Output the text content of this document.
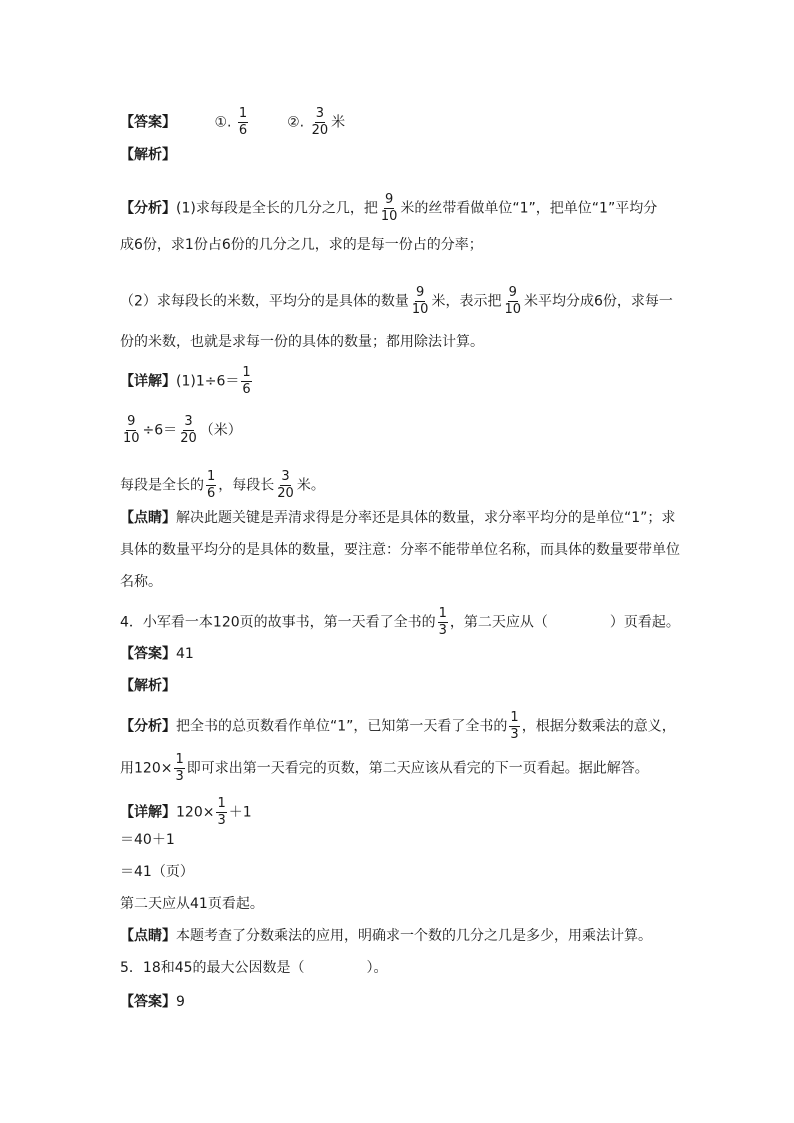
【答案】	①. $\frac{1}{6}$	②. $\frac{3}{20}$ 米
【解析】
【分析】(1)求每段是全长的几分之几，把 $\frac{9}{10}$ 米的丝带看做单位“1”，把单位“1”平均分
成6份，求1份占6份的几分之几，求的是每一份占的分率；
（2）求每段长的米数，平均分的是具体的数量 $\frac{9}{10}$ 米，表示把 $\frac{9}{10}$ 米平均分成6份，求每一
份的米数，也就是求每一份的具体的数量；都用除法计算。
【详解】$(1)1\div 6= \frac{1}{6}$
$\frac{9}{10} \div 6= \frac{3}{20}$ （米）
每段是全长的 $\frac{1}{6}$ ，每段长 $\frac{3}{20}$ 米。
【点睛】解决此题关键是弄清求得是分率还是具体的数量，求分率平均分的是单位“1”；求
具体的数量平均分的是具体的数量，要注意：分率不能带单位名称，而具体的数量要带单位
名称。
4．小军看一本120页的故事书，第一天看了全书的 $\frac{1}{3}$ ，第二天应从（	）页看起。
【答案】41
【解析】
【分析】把全书的总页数看作单位“1”，已知第一天看了全书的 $\frac{1}{3}$ ，根据分数乘法的意义，
用$120\times \frac{1}{3}$ 即可求出第一天看完的页数，第二天应该从看完的下一页看起。据此解答。
【详解】$120\times \frac{1}{3} +1$
＝40＋1
＝41（页）
第二天应从41页看起。
【点睛】本题考查了分数乘法的应用，明确求一个数的几分之几是多少，用乘法计算。
5．18和45的最大公因数是（	）。
【答案】9
